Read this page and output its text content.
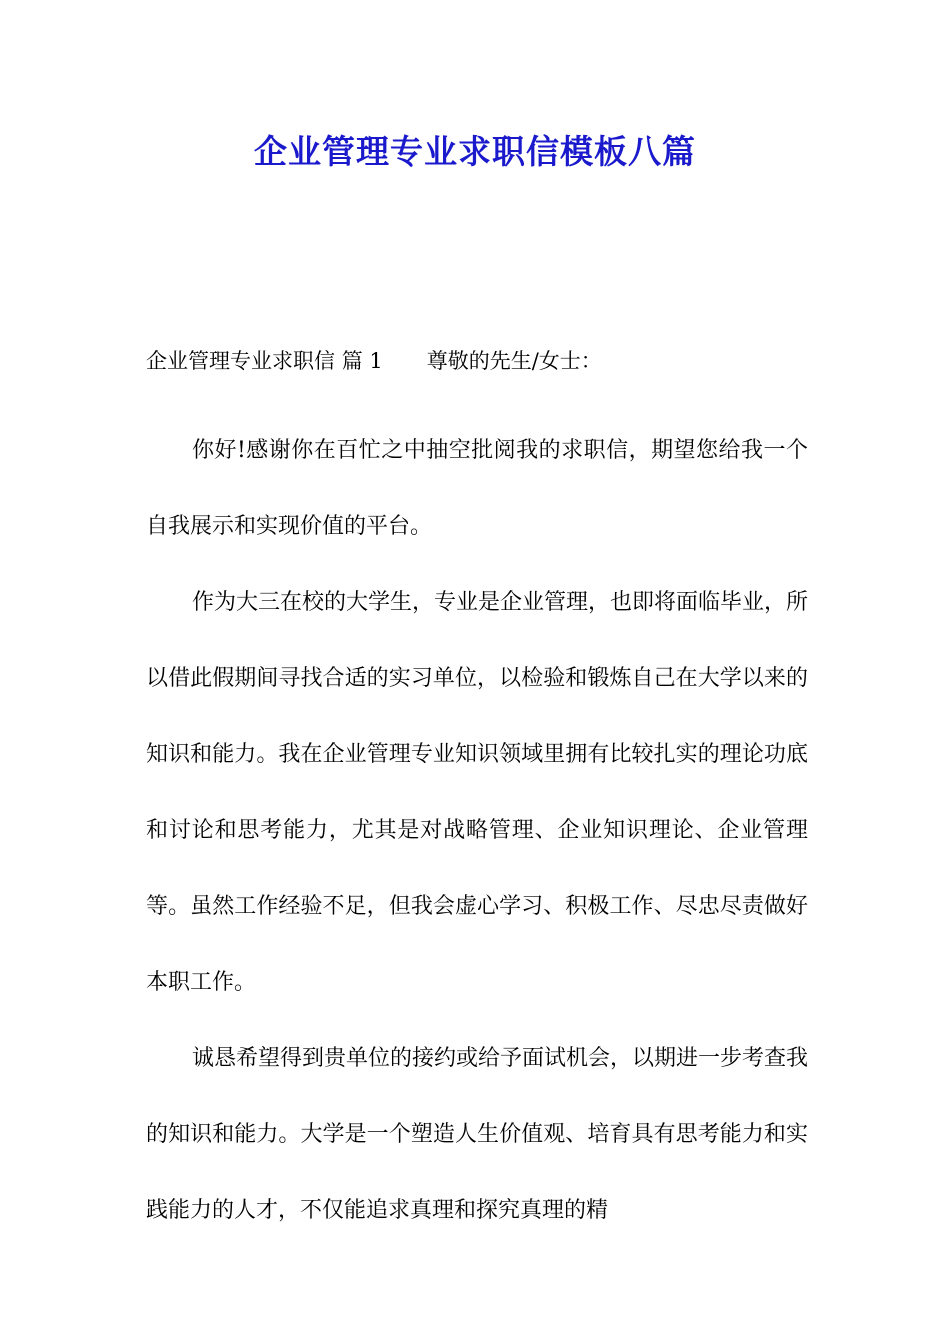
企业管理专业求职信模板八篇

企业管理专业求职信 篇 1 尊敬的先生/女士：

你好!感谢你在百忙之中抽空批阅我的求职信，期望您给我一个自我展示和实现价值的平台。

作为大三在校的大学生，专业是企业管理，也即将面临毕业，所以借此假期间寻找合适的实习单位，以检验和锻炼自己在大学以来的知识和能力。我在企业管理专业知识领域里拥有比较扎实的理论功底和讨论和思考能力，尤其是对战略管理、企业知识理论、企业管理等。虽然工作经验不足，但我会虚心学习、积极工作、尽忠尽责做好本职工作。

诚恳希望得到贵单位的接约或给予面试机会，以期进一步考查我的知识和能力。大学是一个塑造人生价值观、培育具有思考能力和实践能力的人才，不仅能追求真理和探究真理的精
